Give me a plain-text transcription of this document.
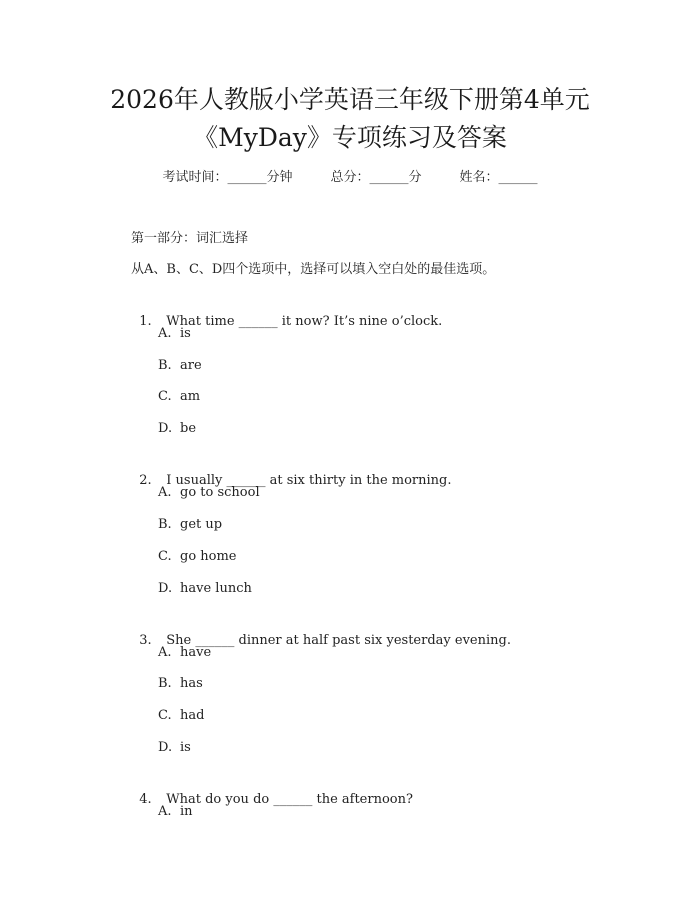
2026年人教版小学英语三年级下册第4单元
《MyDay》专项练习及答案
考试时间：______分钟	总分：______分	姓名：______
第一部分：词汇选择
从A、B、C、D四个选项中，选择可以填入空白处的最佳选项。

1. What time ______ it now? It’s nine o’clock.

A. is
B. are
C. am
D. be

2. I usually ______ at six thirty in the morning.

A. go to school
B. get up
C. go home
D. have lunch

3. She ______ dinner at half past six yesterday evening.

A. have
B. has
C. had
D. is

4. What do you do ______ the afternoon?

A. in
